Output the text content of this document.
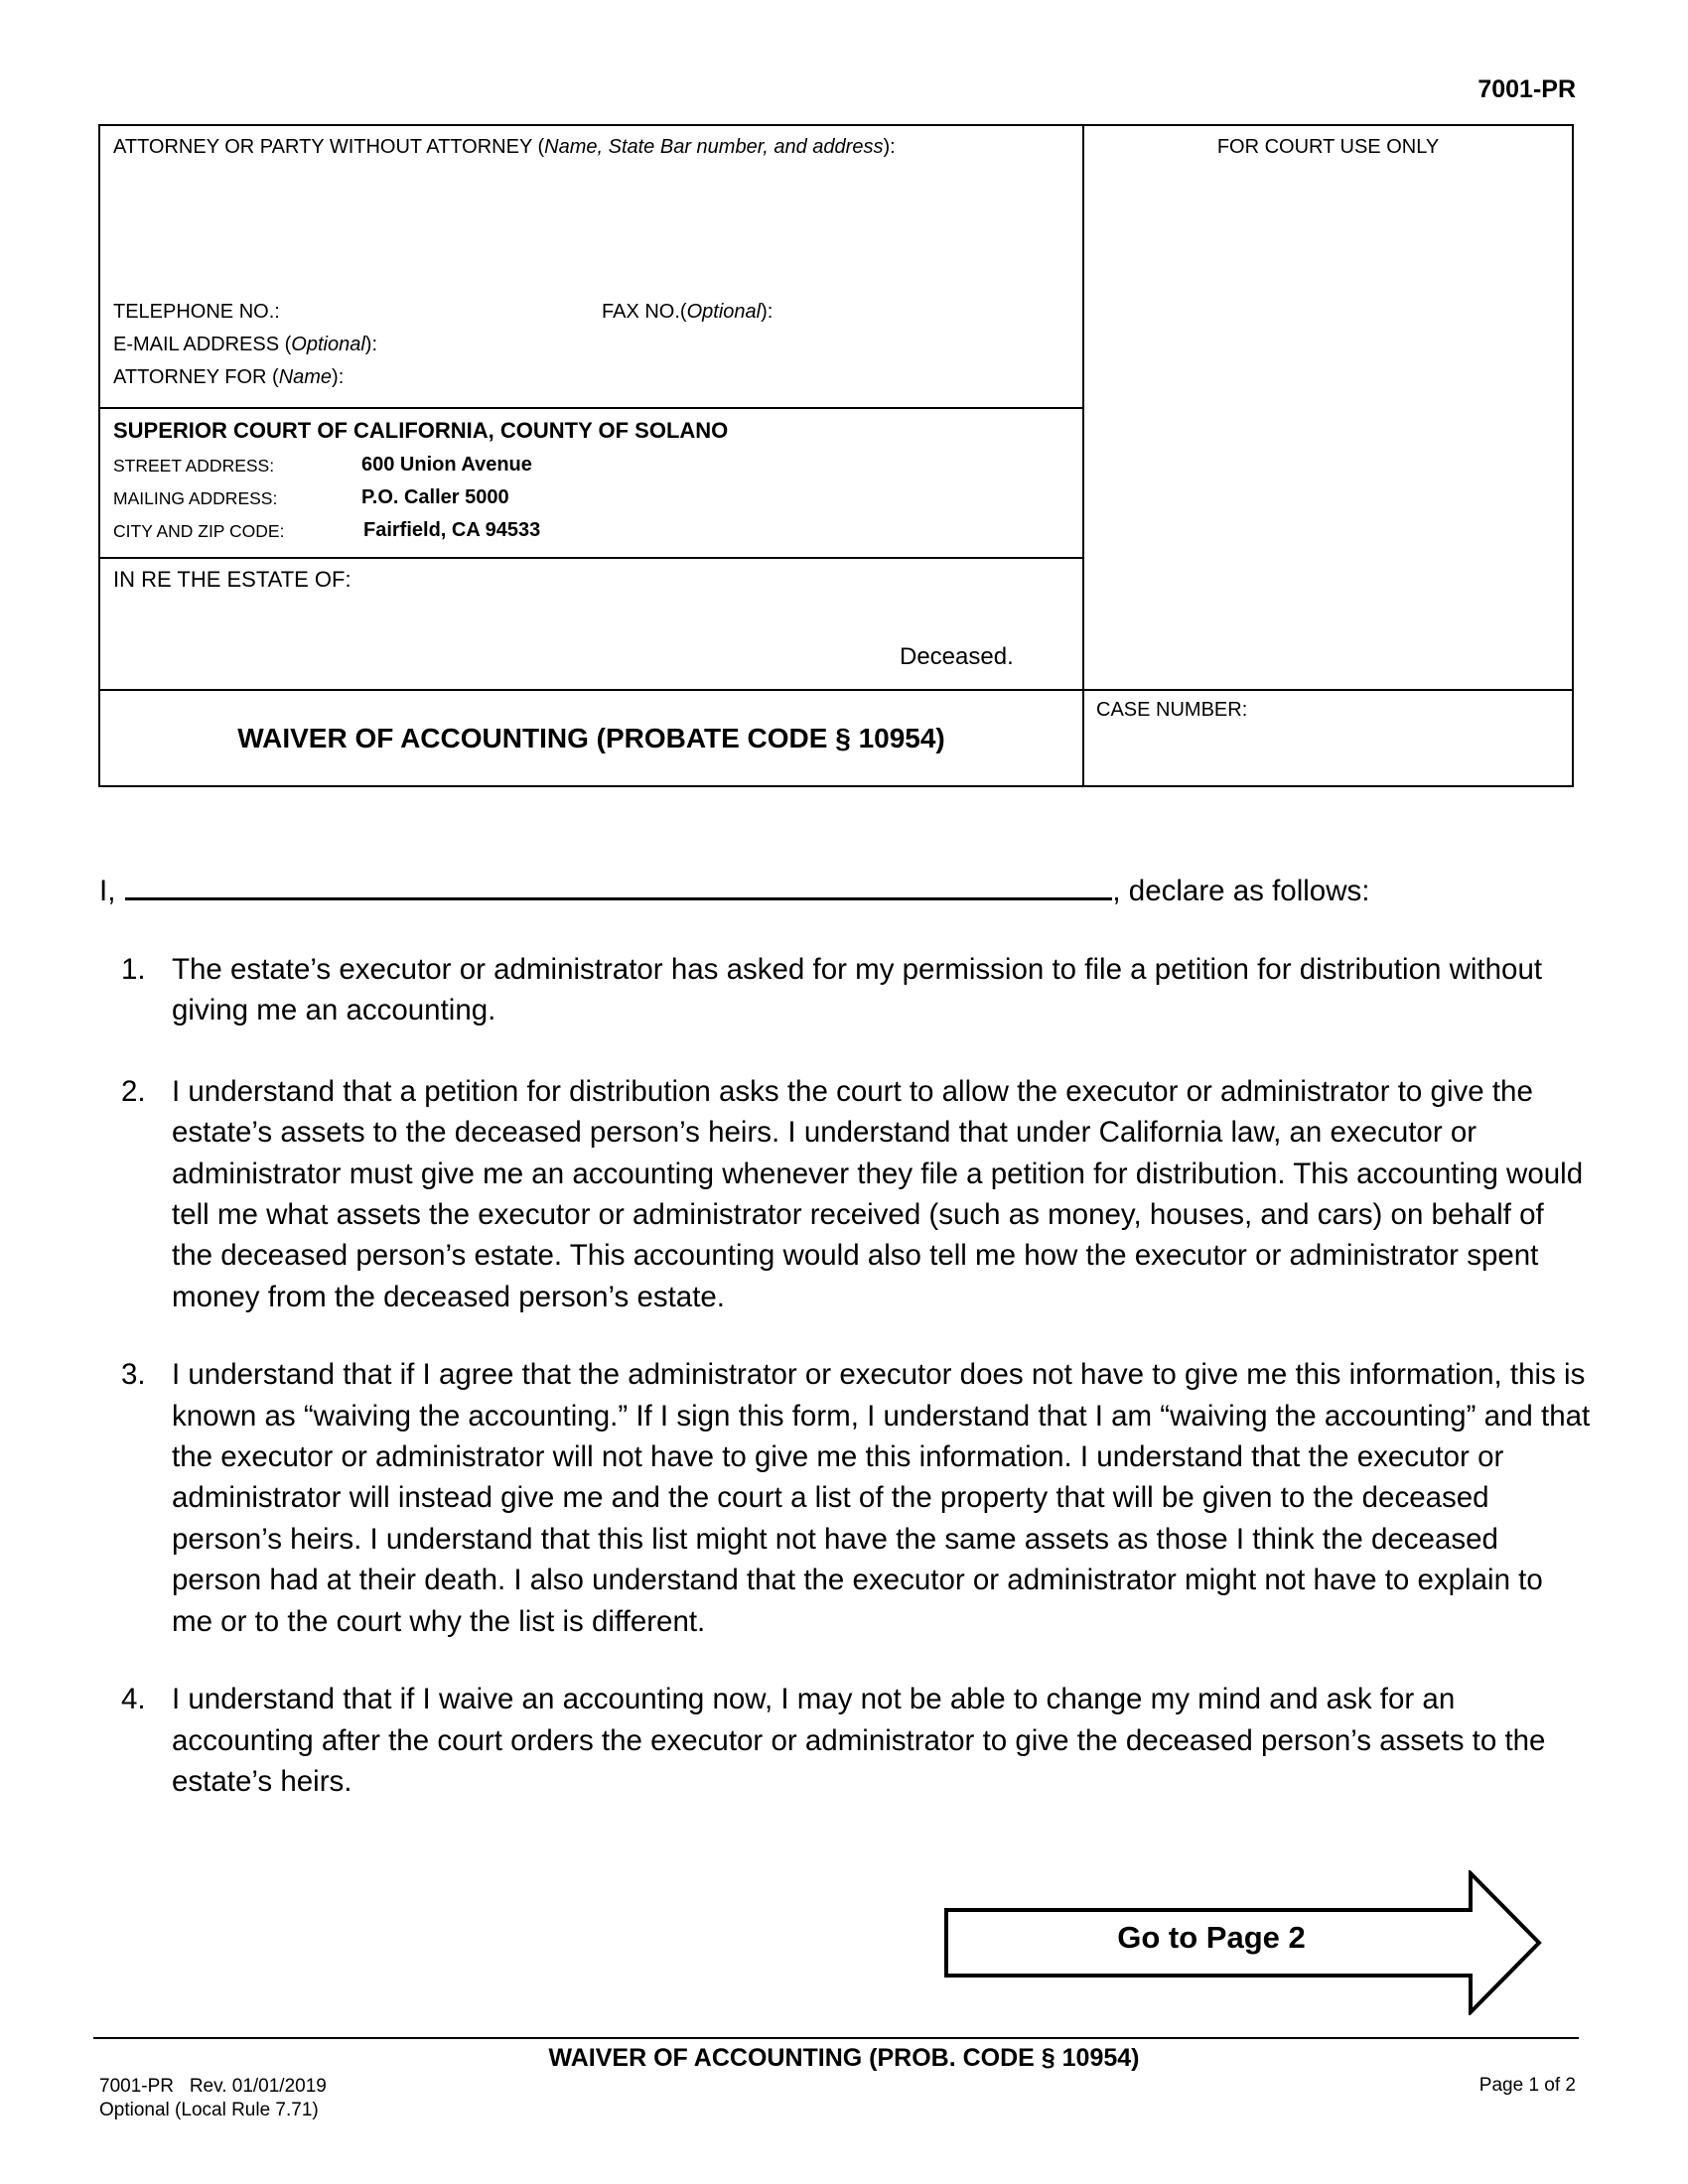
7001-PR
ATTORNEY OR PARTY WITHOUT ATTORNEY (Name, State Bar number, and address):
TELEPHONE NO.:	FAX NO.(Optional):
E-MAIL ADDRESS (Optional):
ATTORNEY FOR (Name):
FOR COURT USE ONLY
SUPERIOR COURT OF CALIFORNIA, COUNTY OF SOLANO
STREET ADDRESS:	600 Union Avenue
MAILING ADDRESS:	P.O. Caller 5000
CITY AND ZIP CODE:	Fairfield, CA 94533
IN RE THE ESTATE OF:
Deceased.
WAIVER OF ACCOUNTING (PROBATE CODE § 10954)
CASE NUMBER:
I,	, declare as follows:
1. The estate’s executor or administrator has asked for my permission to file a petition for distribution without giving me an accounting.
2. I understand that a petition for distribution asks the court to allow the executor or administrator to give the estate’s assets to the deceased person’s heirs. I understand that under California law, an executor or administrator must give me an accounting whenever they file a petition for distribution. This accounting would tell me what assets the executor or administrator received (such as money, houses, and cars) on behalf of the deceased person’s estate. This accounting would also tell me how the executor or administrator spent money from the deceased person’s estate.
3. I understand that if I agree that the administrator or executor does not have to give me this information, this is known as “waiving the accounting.” If I sign this form, I understand that I am “waiving the accounting” and that the executor or administrator will not have to give me this information. I understand that the executor or administrator will instead give me and the court a list of the property that will be given to the deceased person’s heirs. I understand that this list might not have the same assets as those I think the deceased person had at their death. I also understand that the executor or administrator might not have to explain to me or to the court why the list is different.
4. I understand that if I waive an accounting now, I may not be able to change my mind and ask for an accounting after the court orders the executor or administrator to give the deceased person’s assets to the estate’s heirs.
Go to Page 2
WAIVER OF ACCOUNTING (PROB. CODE § 10954)
7001-PR   Rev. 01/01/2019
Optional (Local Rule 7.71)
Page 1 of 2
